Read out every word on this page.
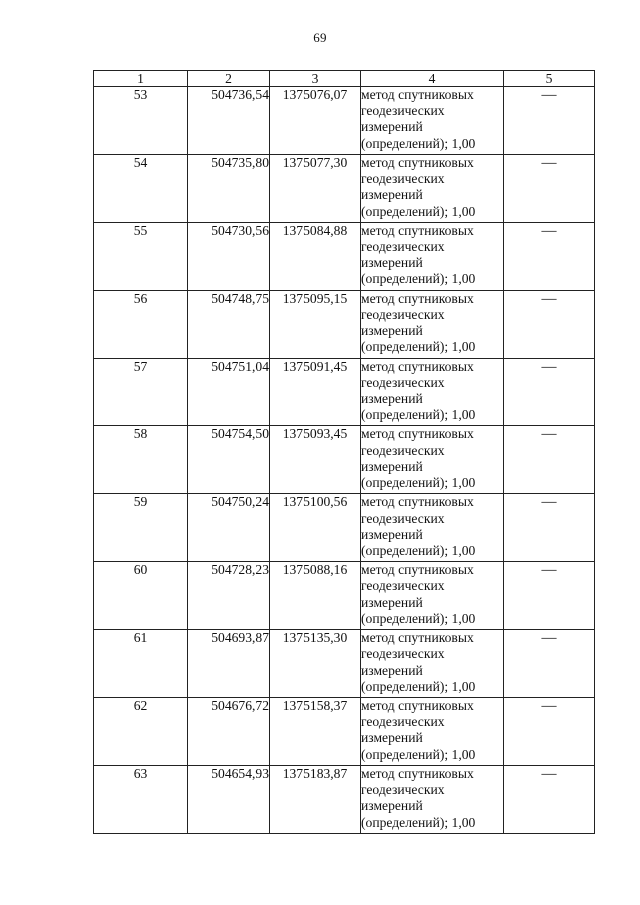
69
1	2	3	4	5
53	504736,54	1375076,07	метод спутниковых
геодезических
измерений
(определений); 1,00	—
54	504735,80	1375077,30	метод спутниковых
геодезических
измерений
(определений); 1,00	—
55	504730,56	1375084,88	метод спутниковых
геодезических
измерений
(определений); 1,00	—
56	504748,75	1375095,15	метод спутниковых
геодезических
измерений
(определений); 1,00	—
57	504751,04	1375091,45	метод спутниковых
геодезических
измерений
(определений); 1,00	—
58	504754,50	1375093,45	метод спутниковых
геодезических
измерений
(определений); 1,00	—
59	504750,24	1375100,56	метод спутниковых
геодезических
измерений
(определений); 1,00	—
60	504728,23	1375088,16	метод спутниковых
геодезических
измерений
(определений); 1,00	—
61	504693,87	1375135,30	метод спутниковых
геодезических
измерений
(определений); 1,00	—
62	504676,72	1375158,37	метод спутниковых
геодезических
измерений
(определений); 1,00	—
63	504654,93	1375183,87	метод спутниковых
геодезических
измерений
(определений); 1,00	—
